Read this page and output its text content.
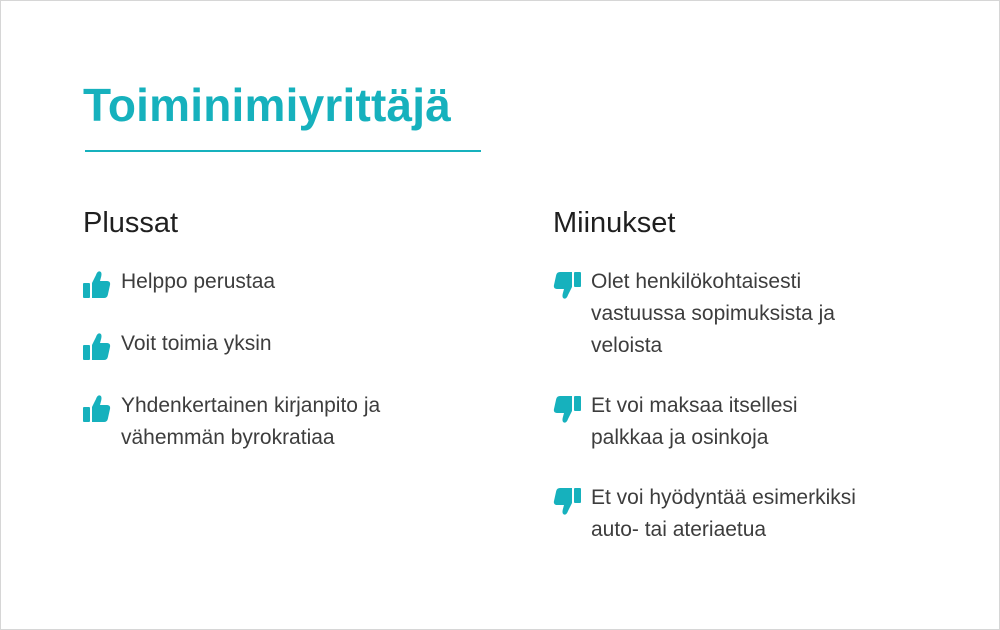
Toiminimiyrittäjä
Plussat
Helppo perustaa
Voit toimia yksin
Yhdenkertainen kirjanpito ja
vähemmän byrokratiaa
Miinukset
Olet henkilökohtaisesti
vastuussa sopimuksista ja
veloista
Et voi maksaa itsellesi
palkkaa ja osinkoja
Et voi hyödyntää esimerkiksi
auto- tai ateriaetua
